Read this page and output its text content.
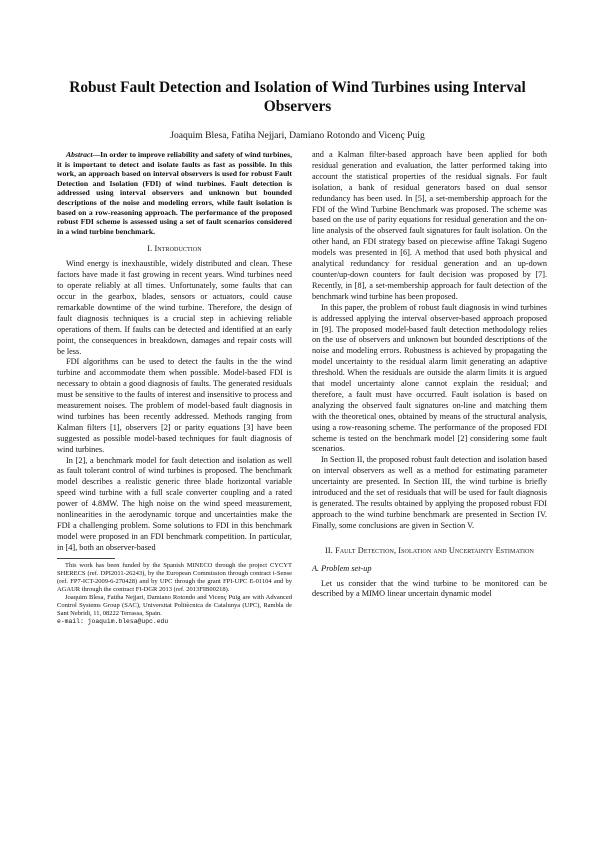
Robust Fault Detection and Isolation of Wind Turbines using Interval Observers

Joaquim Blesa, Fatiha Nejjari, Damiano Rotondo and Vicenç Puig

Abstract—In order to improve reliability and safety of wind turbines, it is important to detect and isolate faults as fast as possible. In this work, an approach based on interval observers is used for robust Fault Detection and Isolation (FDI) of wind turbines. Fault detection is addressed using interval observers and unknown but bounded descriptions of the noise and modeling errors, while fault isolation is based on a row-reasoning approach. The performance of the proposed robust FDI scheme is assessed using a set of fault scenarios considered in a wind turbine benchmark.

I. Introduction

Wind energy is inexhaustible, widely distributed and clean. These factors have made it fast growing in recent years. Wind turbines need to operate reliably at all times. Unfortunately, some faults that can occur in the gearbox, blades, sensors or actuators, could cause remarkable downtime of the wind turbine. Therefore, the design of fault diagnosis techniques is a crucial step in achieving reliable operations of them. If faults can be detected and identified at an early point, the consequences in breakdown, damages and repair costs will be less.

FDI algorithms can be used to detect the faults in the the wind turbine and accommodate them when possible. Model-based FDI is necessary to obtain a good diagnosis of faults. The generated residuals must be sensitive to the faults of interest and insensitive to process and measurement noises. The problem of model-based fault diagnosis in wind turbines has been recently addressed. Methods ranging from Kalman filters [1], observers [2] or parity equations [3] have been suggested as possible model-based techniques for fault diagnosis of wind turbines.

In [2], a benchmark model for fault detection and isolation as well as fault tolerant control of wind turbines is proposed. The benchmark model describes a realistic generic three blade horizontal variable speed wind turbine with a full scale converter coupling and a rated power of 4.8MW. The high noise on the wind speed measurement, nonlinearities in the aerodynamic torque and uncertainties make the FDI a challenging problem. Some solutions to FDI in this benchmark model were proposed in an FDI benchmark competition. In particular, in [4], both an observer-based

This work has been funded by the Spanish MINECO through the project CYCYT SHERECS (ref. DPI2011-26243), by the European Commission through contract i-Sense (ref. FP7-ICT-2009-6-270428) and by UPC through the grant FPI-UPC E-01104 and by AGAUR through the contract FI-DGR 2013 (ref. 2013FIB00218).

Joaquim Blesa, Fatiha Nejjari, Damiano Rotondo and Vicenç Puig are with Advanced Control Systems Group (SAC), Universitat Politècnica de Catalunya (UPC), Rambla de Sant Nebridi, 11, 08222 Terrassa, Spain.

e-mail: joaquim.blesa@upc.edu

and a Kalman filter-based approach have been applied for both residual generation and evaluation, the latter performed taking into account the statistical properties of the residual signals. For fault isolation, a bank of residual generators based on dual sensor redundancy has been used. In [5], a set-membership approach for the FDI of the Wind Turbine Benchmark was proposed. The scheme was based on the use of parity equations for residual generation and the on-line analysis of the observed fault signatures for fault isolation. On the other hand, an FDI strategy based on piecewise affine Takagi Sugeno models was presented in [6]. A method that used both physical and analytical redundancy for residual generation and an up-down counter/up-down counters for fault decision was proposed by [7]. Recently, in [8], a set-membership approach for fault detection of the benchmark wind turbine has been proposed.

In this paper, the problem of robust fault diagnosis in wind turbines is addressed applying the interval observer-based approach proposed in [9]. The proposed model-based fault detection methodology relies on the use of observers and unknown but bounded descriptions of the noise and modeling errors. Robustness is achieved by propagating the model uncertainty to the residual alarm limit generating an adaptive threshold. When the residuals are outside the alarm limits it is argued that model uncertainty alone cannot explain the residual; and therefore, a fault must have occurred. Fault isolation is based on analyzing the observed fault signatures on-line and matching them with the theoretical ones, obtained by means of the structural analysis, using a row-reasoning scheme. The performance of the proposed FDI scheme is tested on the benchmark model [2] considering some fault scenarios.

In Section II, the proposed robust fault detection and isolation based on interval observers as well as a method for estimating parameter uncertainty are presented. In Section III, the wind turbine is briefly introduced and the set of residuals that will be used for fault diagnosis is generated. The results obtained by applying the proposed robust FDI approach to the wind turbine benchmark are presented in Section IV. Finally, some conclusions are given in Section V.

II. Fault Detection, Isolation and Uncertainty Estimation
A. Problem set-up

Let us consider that the wind turbine to be monitored can be described by a MIMO linear uncertain dynamic model
